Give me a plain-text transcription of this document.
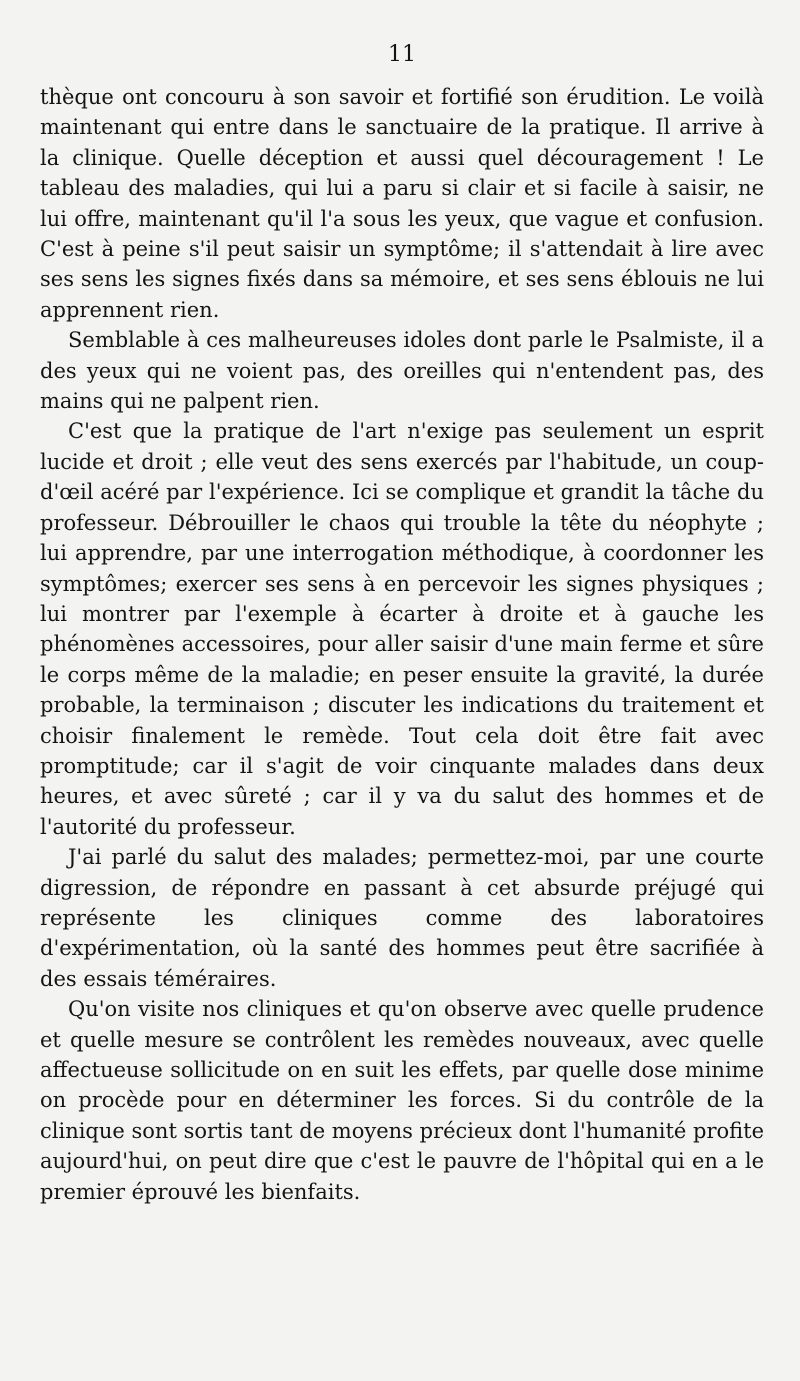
11

thèque ont concouru à son savoir et fortifié son érudition. Le voilà maintenant qui entre dans le sanctuaire de la pratique. Il arrive à la clinique. Quelle déception et aussi quel découragement ! Le tableau des maladies, qui lui a paru si clair et si facile à saisir, ne lui offre, maintenant qu'il l'a sous les yeux, que vague et confusion. C'est à peine s'il peut saisir un symptôme; il s'attendait à lire avec ses sens les signes fixés dans sa mémoire, et ses sens éblouis ne lui apprennent rien.

Semblable à ces malheureuses idoles dont parle le Psalmiste, il a des yeux qui ne voient pas, des oreilles qui n'entendent pas, des mains qui ne palpent rien.

C'est que la pratique de l'art n'exige pas seulement un esprit lucide et droit ; elle veut des sens exercés par l'habitude, un coup-d'œil acéré par l'expérience. Ici se complique et grandit la tâche du professeur. Débrouiller le chaos qui trouble la tête du néophyte ; lui apprendre, par une interrogation méthodique, à coordonner les symptômes; exercer ses sens à en percevoir les signes physiques ; lui montrer par l'exemple à écarter à droite et à gauche les phénomènes accessoires, pour aller saisir d'une main ferme et sûre le corps même de la maladie; en peser ensuite la gravité, la durée probable, la terminaison ; discuter les indications du traitement et choisir finalement le remède. Tout cela doit être fait avec promptitude; car il s'agit de voir cinquante malades dans deux heures, et avec sûreté ; car il y va du salut des hommes et de l'autorité du professeur.

J'ai parlé du salut des malades; permettez-moi, par une courte digression, de répondre en passant à cet absurde préjugé qui représente les cliniques comme des laboratoires d'expérimentation, où la santé des hommes peut être sacrifiée à des essais téméraires.

Qu'on visite nos cliniques et qu'on observe avec quelle prudence et quelle mesure se contrôlent les remèdes nouveaux, avec quelle affectueuse sollicitude on en suit les effets, par quelle dose minime on procède pour en déterminer les forces. Si du contrôle de la clinique sont sortis tant de moyens précieux dont l'humanité profite aujourd'hui, on peut dire que c'est le pauvre de l'hôpital qui en a le premier éprouvé les bienfaits.
